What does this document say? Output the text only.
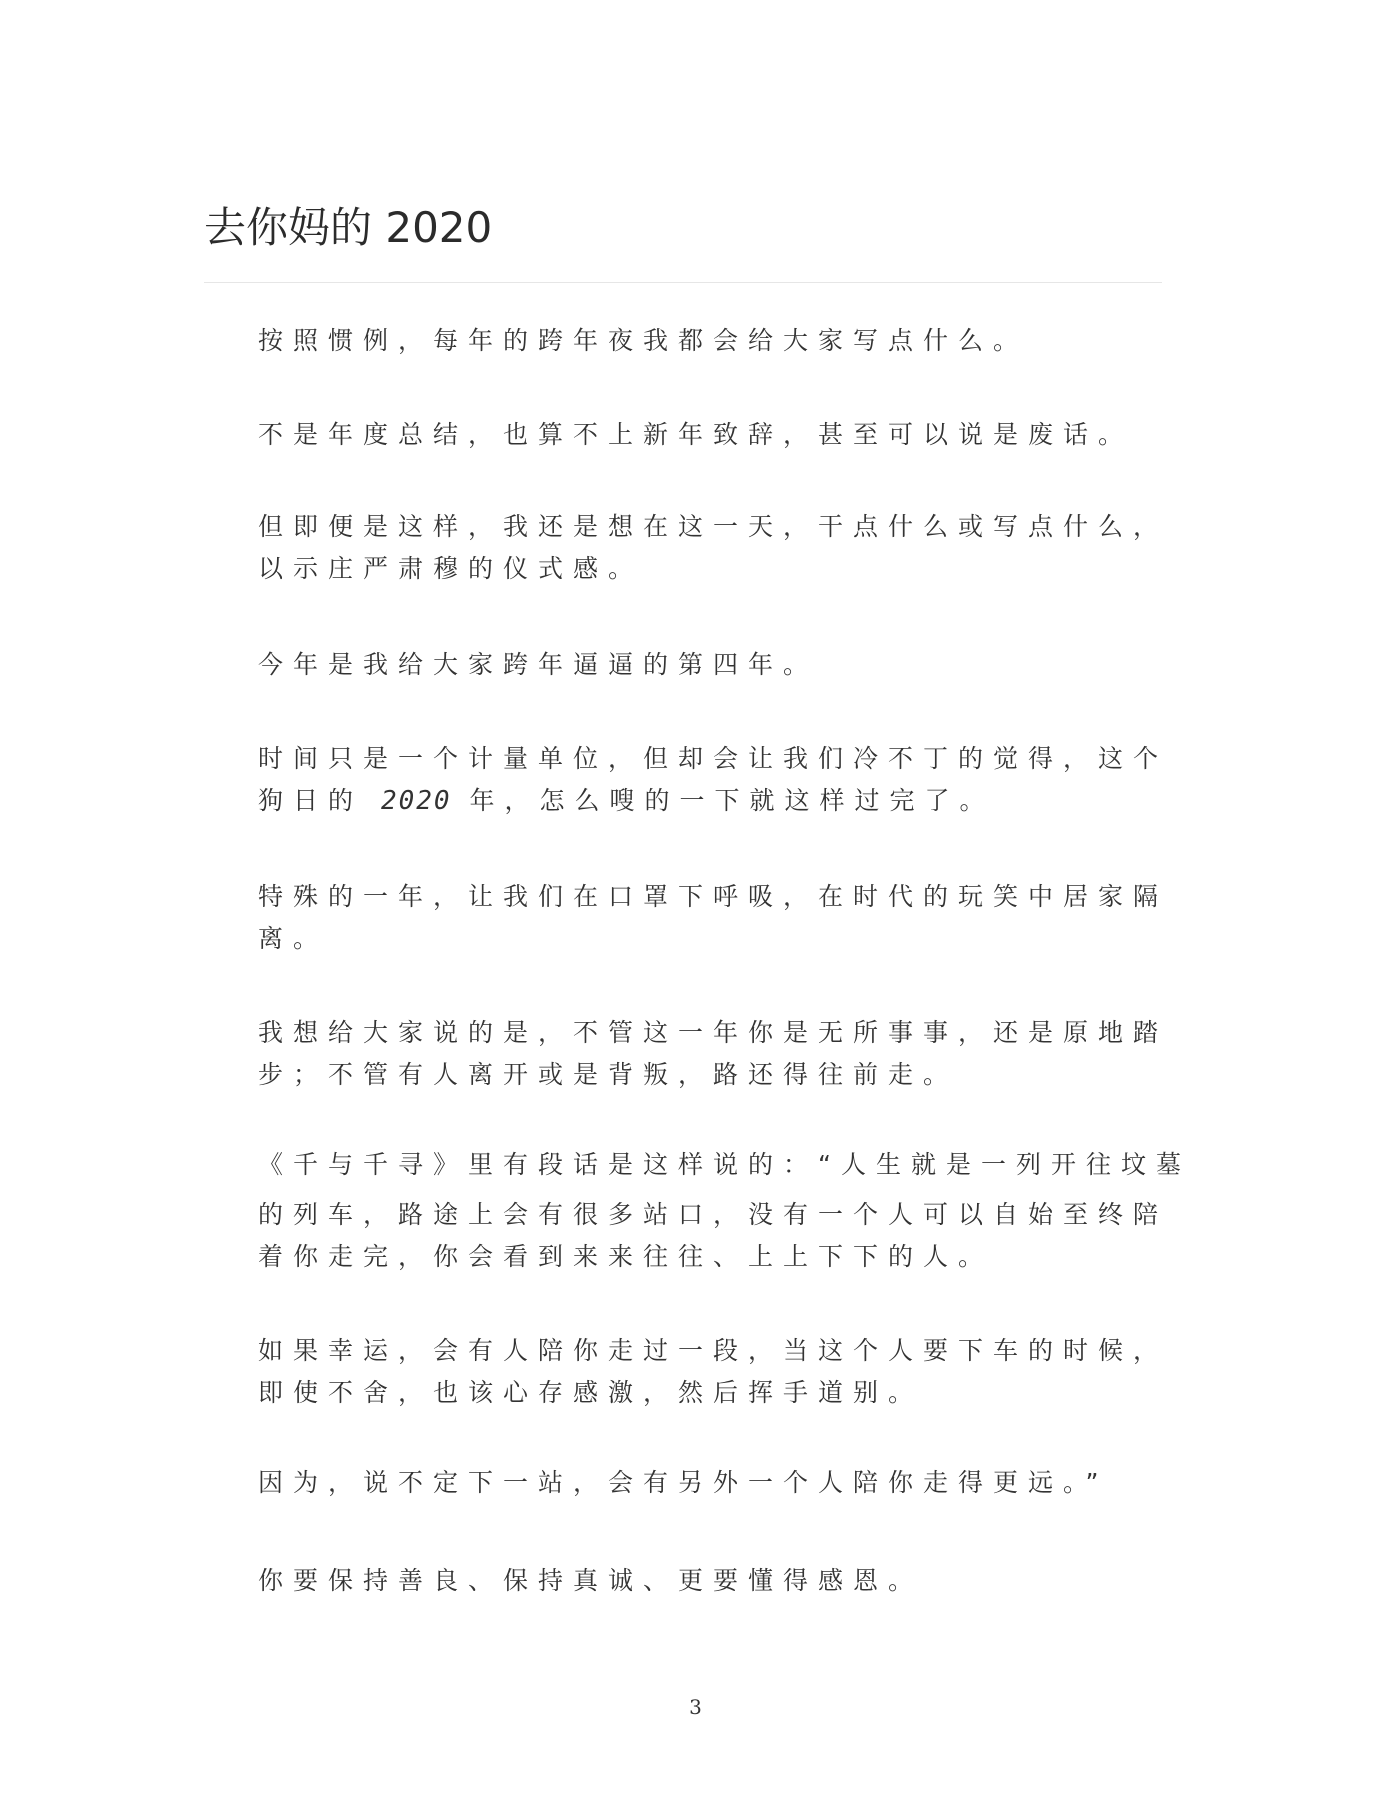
去你妈的 2020
按照惯例，每年的跨年夜我都会给大家写点什么。
不是年度总结，也算不上新年致辞，甚至可以说是废话。
但即便是这样，我还是想在这一天，干点什么或写点什么，
以示庄严肃穆的仪式感。
今年是我给大家跨年逼逼的第四年。
时间只是一个计量单位，但却会让我们冷不丁的觉得，这个
狗日的 2020 年，怎么嗖的一下就这样过完了。
特殊的一年，让我们在口罩下呼吸，在时代的玩笑中居家隔
离。
我想给大家说的是，不管这一年你是无所事事，还是原地踏
步；不管有人离开或是背叛，路还得往前走。
《千与千寻》里有段话是这样说的：“人生就是一列开往坟墓
的列车，路途上会有很多站口，没有一个人可以自始至终陪
着你走完，你会看到来来往往、上上下下的人。
如果幸运，会有人陪你走过一段，当这个人要下车的时候，
即使不舍，也该心存感激，然后挥手道别。
因为，说不定下一站，会有另外一个人陪你走得更远。”
你要保持善良、保持真诚、更要懂得感恩。
3
